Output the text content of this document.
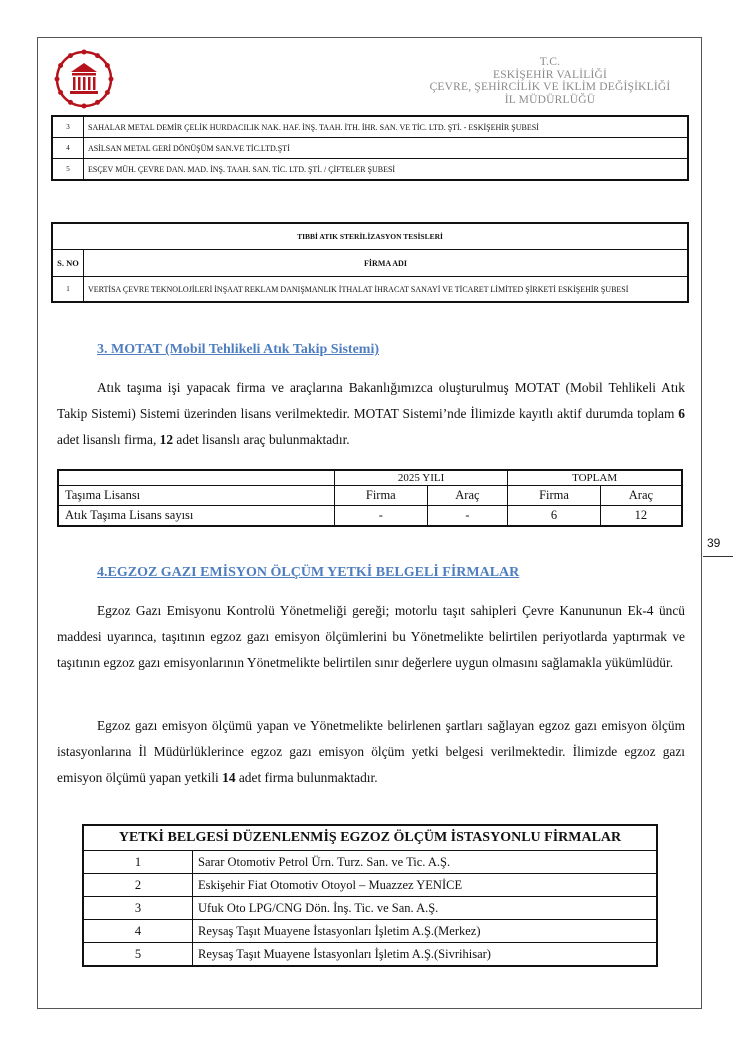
T.C.
ESKİŞEHİR VALİLİĞİ
ÇEVRE, ŞEHİRCİLİK VE İKLİM DEĞİŞİKLİĞİ
İL MÜDÜRLÜĞÜ
3	SAHALAR METAL DEMİR ÇELİK HURDACILIK NAK. HAF. İNŞ. TAAH. İTH. İHR. SAN. VE TİC. LTD. ŞTİ. - ESKİŞEHİR ŞUBESİ
4	ASİLSAN METAL GERİ DÖNÜŞÜM SAN.VE TİC.LTD.ŞTİ
5	ESÇEV MÜH. ÇEVRE DAN. MAD. İNŞ. TAAH. SAN. TİC. LTD. ŞTİ. / ÇİFTELER ŞUBESİ
TIBBİ ATIK STERİLİZASYON TESİSLERİ	
S. NO	FİRMA ADI
1	VERTİSA ÇEVRE TEKNOLOJİLERİ İNŞAAT REKLAM DANIŞMANLIK İTHALAT İHRACAT SANAYİ VE TİCARET LİMİTED ŞİRKETİ ESKİŞEHİR ŞUBESİ
3. MOTAT (Mobil Tehlikeli Atık Takip Sistemi)
Atık taşıma işi yapacak firma ve araçlarına Bakanlığımızca oluşturulmuş MOTAT (Mobil Tehlikeli Atık Takip Sistemi) Sistemi üzerinden lisans verilmektedir. MOTAT Sistemi’nde İlimizde kayıtlı aktif durumda toplam 6 adet lisanslı firma, 12 adet lisanslı araç bulunmaktadır.
	2025 YILI		TOPLAM	
Taşıma Lisansı	Firma	Araç	Firma	Araç
Atık Taşıma Lisans sayısı	-	-	6	12
39
4.EGZOZ GAZI EMİSYON ÖLÇÜM YETKİ BELGELİ FİRMALAR
Egzoz Gazı Emisyonu Kontrolü Yönetmeliği gereği; motorlu taşıt sahipleri Çevre Kanununun Ek-4 üncü maddesi uyarınca, taşıtının egzoz gazı emisyon ölçümlerini bu Yönetmelikte belirtilen periyotlarda yaptırmak ve taşıtının egzoz gazı emisyonlarının Yönetmelikte belirtilen sınır değerlere uygun olmasını sağlamakla yükümlüdür.
Egzoz gazı emisyon ölçümü yapan ve Yönetmelikte belirlenen şartları sağlayan egzoz gazı emisyon ölçüm istasyonlarına İl Müdürlüklerince egzoz gazı emisyon ölçüm yetki belgesi verilmektedir. İlimizde egzoz gazı emisyon ölçümü yapan yetkili 14 adet firma bulunmaktadır.
YETKİ BELGESİ DÜZENLENMİŞ EGZOZ ÖLÇÜM İSTASYONLU FİRMALAR	
1	Sarar Otomotiv Petrol Ürn. Turz. San. ve Tic. A.Ş.
2	Eskişehir Fiat Otomotiv Otoyol – Muazzez YENİCE
3	Ufuk Oto LPG/CNG Dön. İnş. Tic. ve San. A.Ş.
4	Reysaş Taşıt Muayene İstasyonları İşletim A.Ş.(Merkez)
5	Reysaş Taşıt Muayene İstasyonları İşletim A.Ş.(Sivrihisar)
